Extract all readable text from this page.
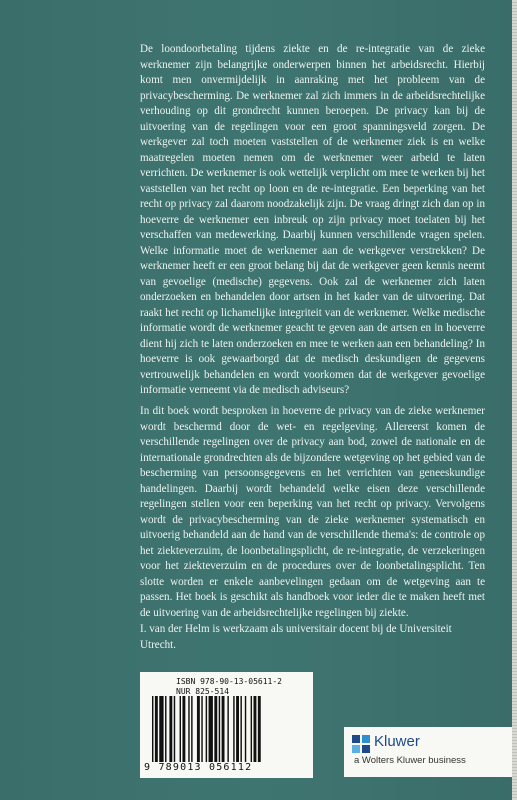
De loondoorbetaling tijdens ziekte en de re-integratie van de zieke werknemer zijn belangrijke onderwerpen binnen het arbeidsrecht. Hierbij komt men onvermijdelijk in aanraking met het probleem van de privacybescherming. De werknemer zal zich immers in de arbeidsrechtelijke verhouding op dit grondrecht kunnen beroepen. De privacy kan bij de uitvoering van de regelingen voor een groot spanningsveld zorgen. De werkgever zal toch moeten vaststellen of de werknemer ziek is en welke maatregelen moeten nemen om de werknemer weer arbeid te laten verrichten. De werknemer is ook wettelijk verplicht om mee te werken bij het vaststellen van het recht op loon en de re-integratie. Een beperking van het recht op privacy zal daarom noodzakelijk zijn. De vraag dringt zich dan op in hoeverre de werknemer een inbreuk op zijn privacy moet toelaten bij het verschaffen van medewerking. Daarbij kunnen verschillende vragen spelen. Welke informatie moet de werknemer aan de werkgever verstrekken? De werknemer heeft er een groot belang bij dat de werkgever geen kennis neemt van gevoelige (medische) gegevens. Ook zal de werknemer zich laten onderzoeken en behandelen door artsen in het kader van de uitvoering. Dat raakt het recht op lichamelijke integriteit van de werknemer. Welke medische informatie wordt de werknemer geacht te geven aan de artsen en in hoeverre dient hij zich te laten onderzoeken en mee te werken aan een behandeling? In hoeverre is ook gewaarborgd dat de medisch deskundigen de gegevens vertrouwelijk behandelen en wordt voorkomen dat de werkgever gevoelige informatie verneemt via de medisch adviseurs?

In dit boek wordt besproken in hoeverre de privacy van de zieke werknemer wordt beschermd door de wet- en regelgeving. Allereerst komen de verschillende regelingen over de privacy aan bod, zowel de nationale en de internationale grondrechten als de bijzondere wetgeving op het gebied van de bescherming van persoonsgegevens en het verrichten van geneeskundige handelingen. Daarbij wordt behandeld welke eisen deze verschillende regelingen stellen voor een beperking van het recht op privacy. Vervolgens wordt de privacybescherming van de zieke werknemer systematisch en uitvoerig behandeld aan de hand van de verschillende thema's: de controle op het ziekteverzuim, de loonbetalingsplicht, de re-integratie, de verzekeringen voor het ziekteverzuim en de procedures over de loonbetalingsplicht. Ten slotte worden er enkele aanbevelingen gedaan om de wetgeving aan te passen. Het boek is geschikt als handboek voor ieder die te maken heeft met de uitvoering van de arbeidsrechtelijke regelingen bij ziekte.

I. van der Helm is werkzaam als universitair docent bij de Universiteit Utrecht.

ISBN 978-90-13-05611-2
NUR 825-514
9 789013 056112
Kluwer
a Wolters Kluwer business
